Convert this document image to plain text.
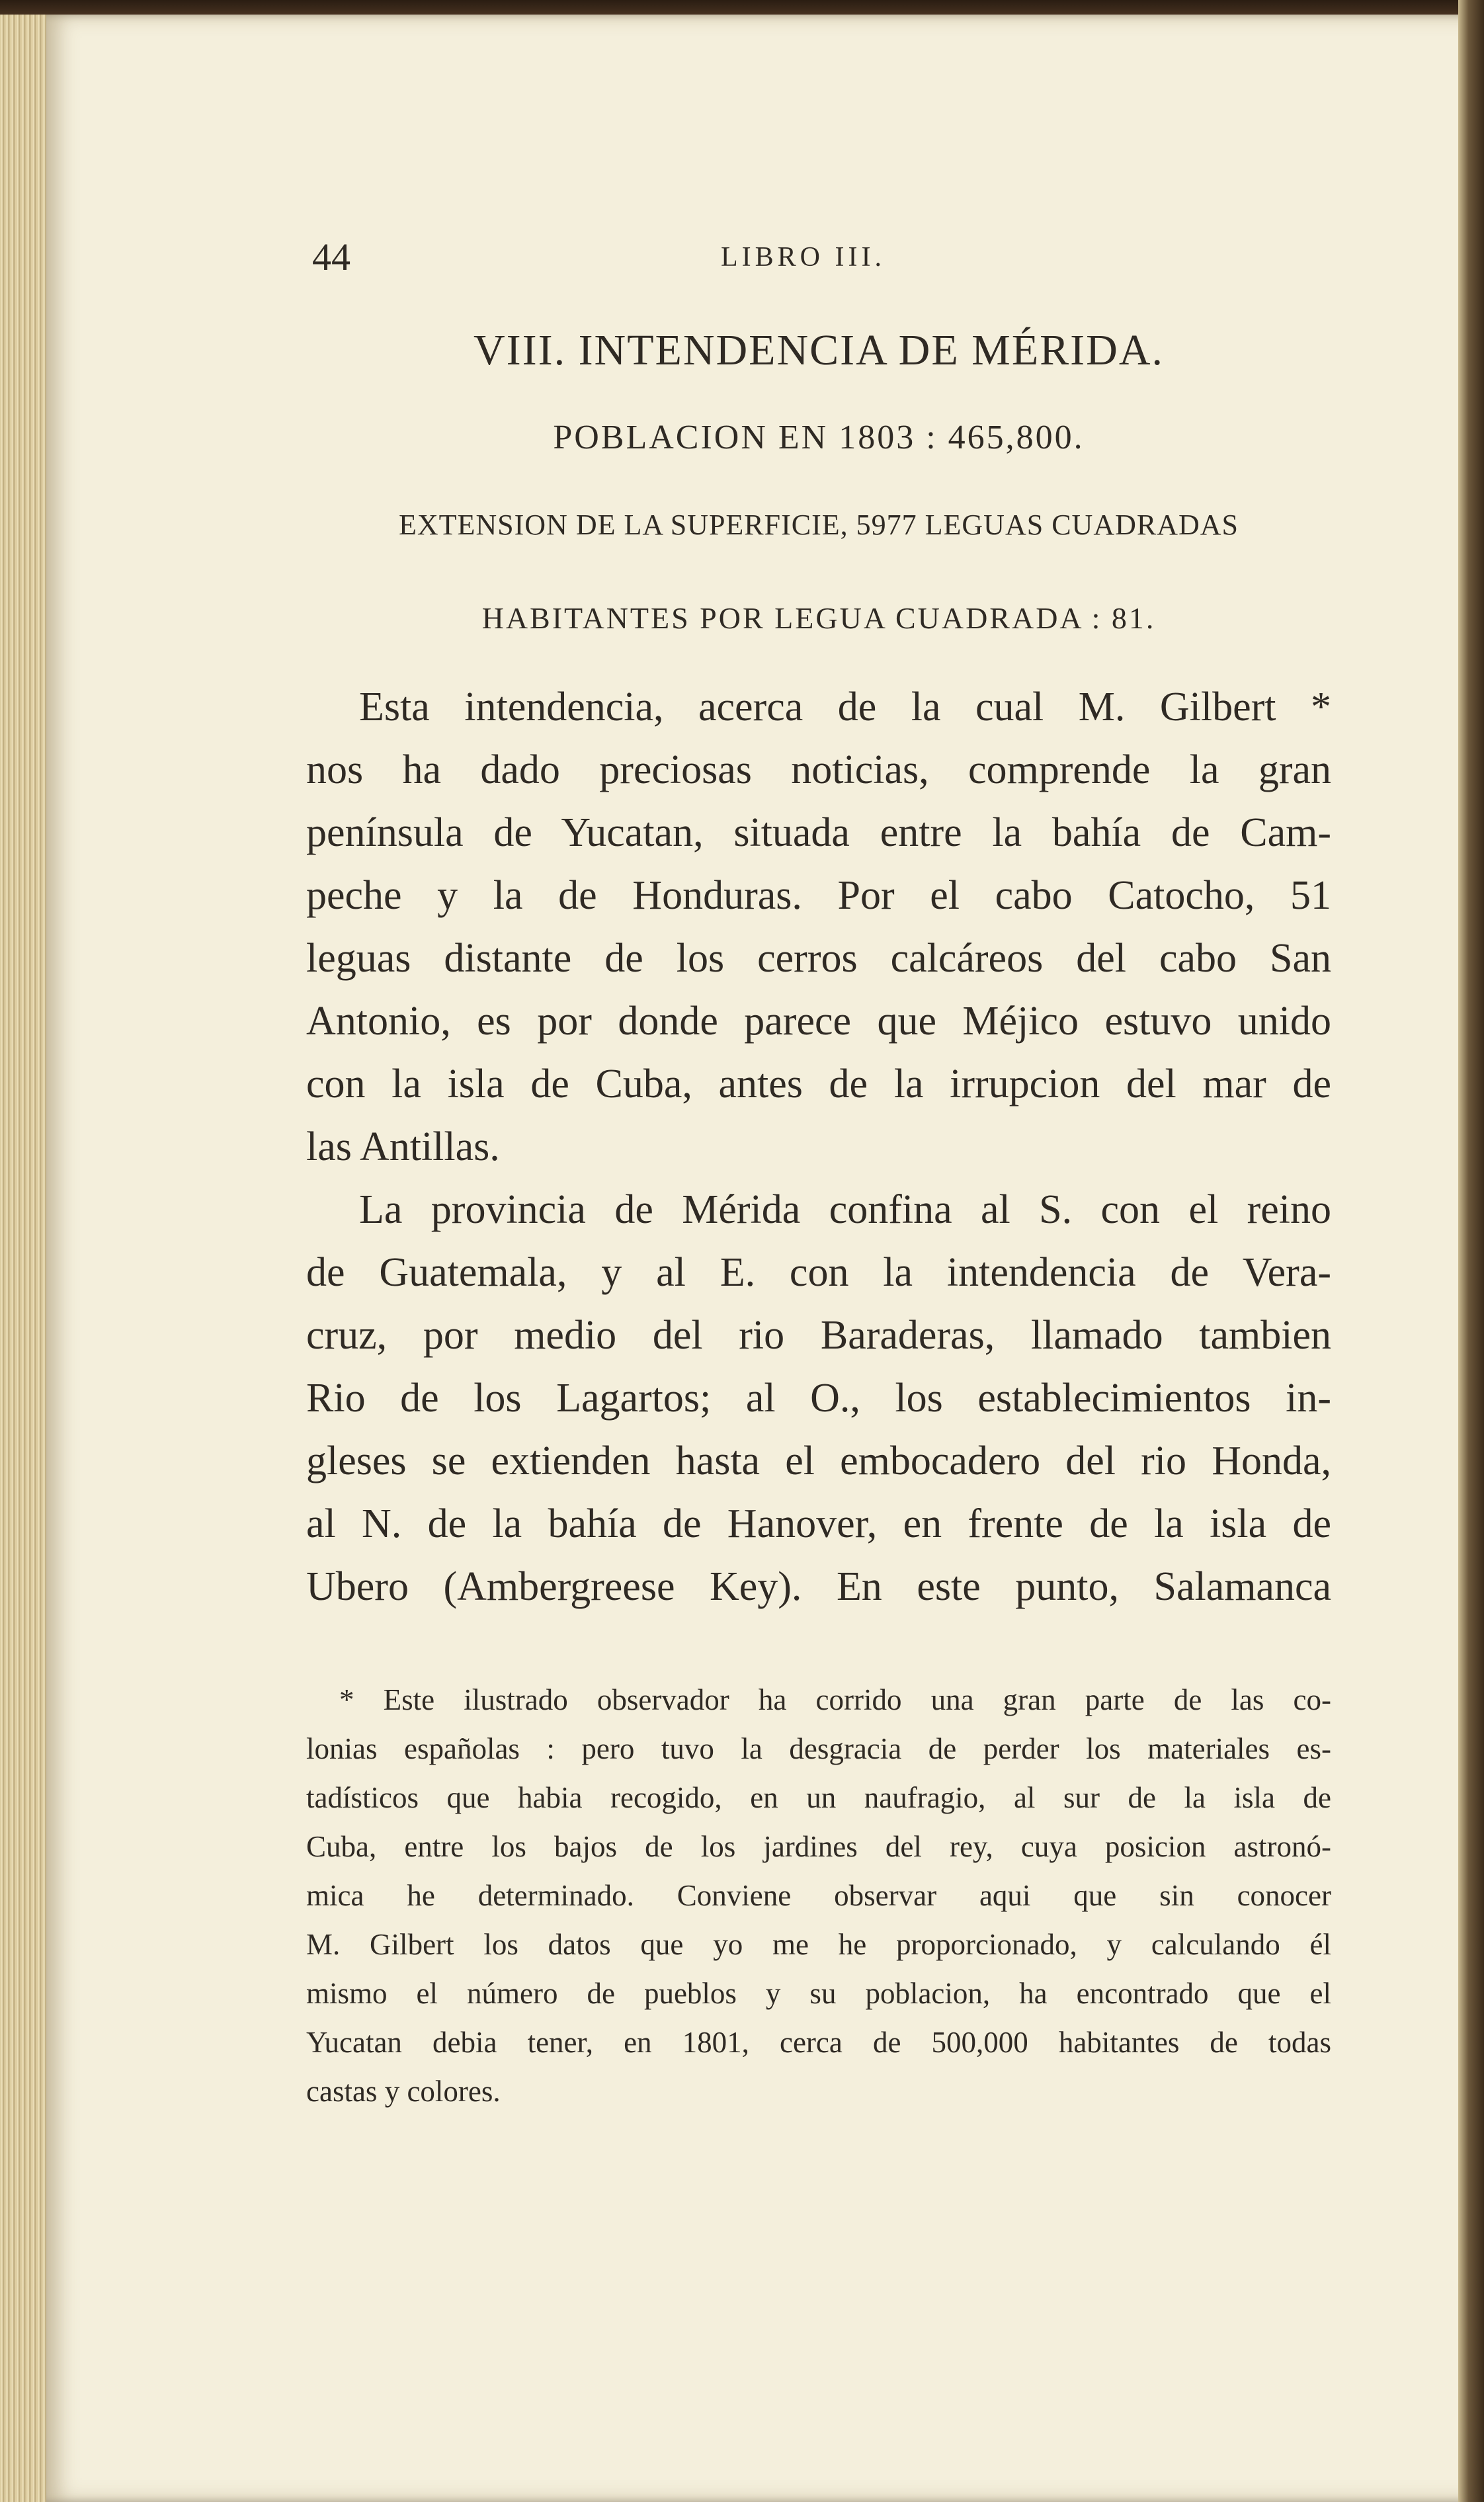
44	LIBRO III.
VIII. INTENDENCIA DE MÉRIDA.
POBLACION EN 1803 : 465,800.
EXTENSION DE LA SUPERFICIE, 5977 LEGUAS CUADRADAS
HABITANTES POR LEGUA CUADRADA : 81.
Esta intendencia, acerca de la cual M. Gilbert *
nos ha dado preciosas noticias, comprende la gran
península de Yucatan, situada entre la bahía de Cam-
peche y la de Honduras. Por el cabo Catocho, 51
leguas distante de los cerros calcáreos del cabo San
Antonio, es por donde parece que Méjico estuvo unido
con la isla de Cuba, antes de la irrupcion del mar de
las Antillas.
La provincia de Mérida confina al S. con el reino
de Guatemala, y al E. con la intendencia de Vera-
cruz, por medio del rio Baraderas, llamado tambien
Rio de los Lagartos; al O., los establecimientos in-
gleses se extienden hasta el embocadero del rio Honda,
al N. de la bahía de Hanover, en frente de la isla de
Ubero (Ambergreese Key). En este punto, Salamanca
* Este ilustrado observador ha corrido una gran parte de las co-
lonias españolas : pero tuvo la desgracia de perder los materiales es-
tadísticos que habia recogido, en un naufragio, al sur de la isla de
Cuba, entre los bajos de los jardines del rey, cuya posicion astronó-
mica he determinado. Conviene observar aqui que sin conocer
M. Gilbert los datos que yo me he proporcionado, y calculando él
mismo el número de pueblos y su poblacion, ha encontrado que el
Yucatan debia tener, en 1801, cerca de 500,000 habitantes de todas
castas y colores.
